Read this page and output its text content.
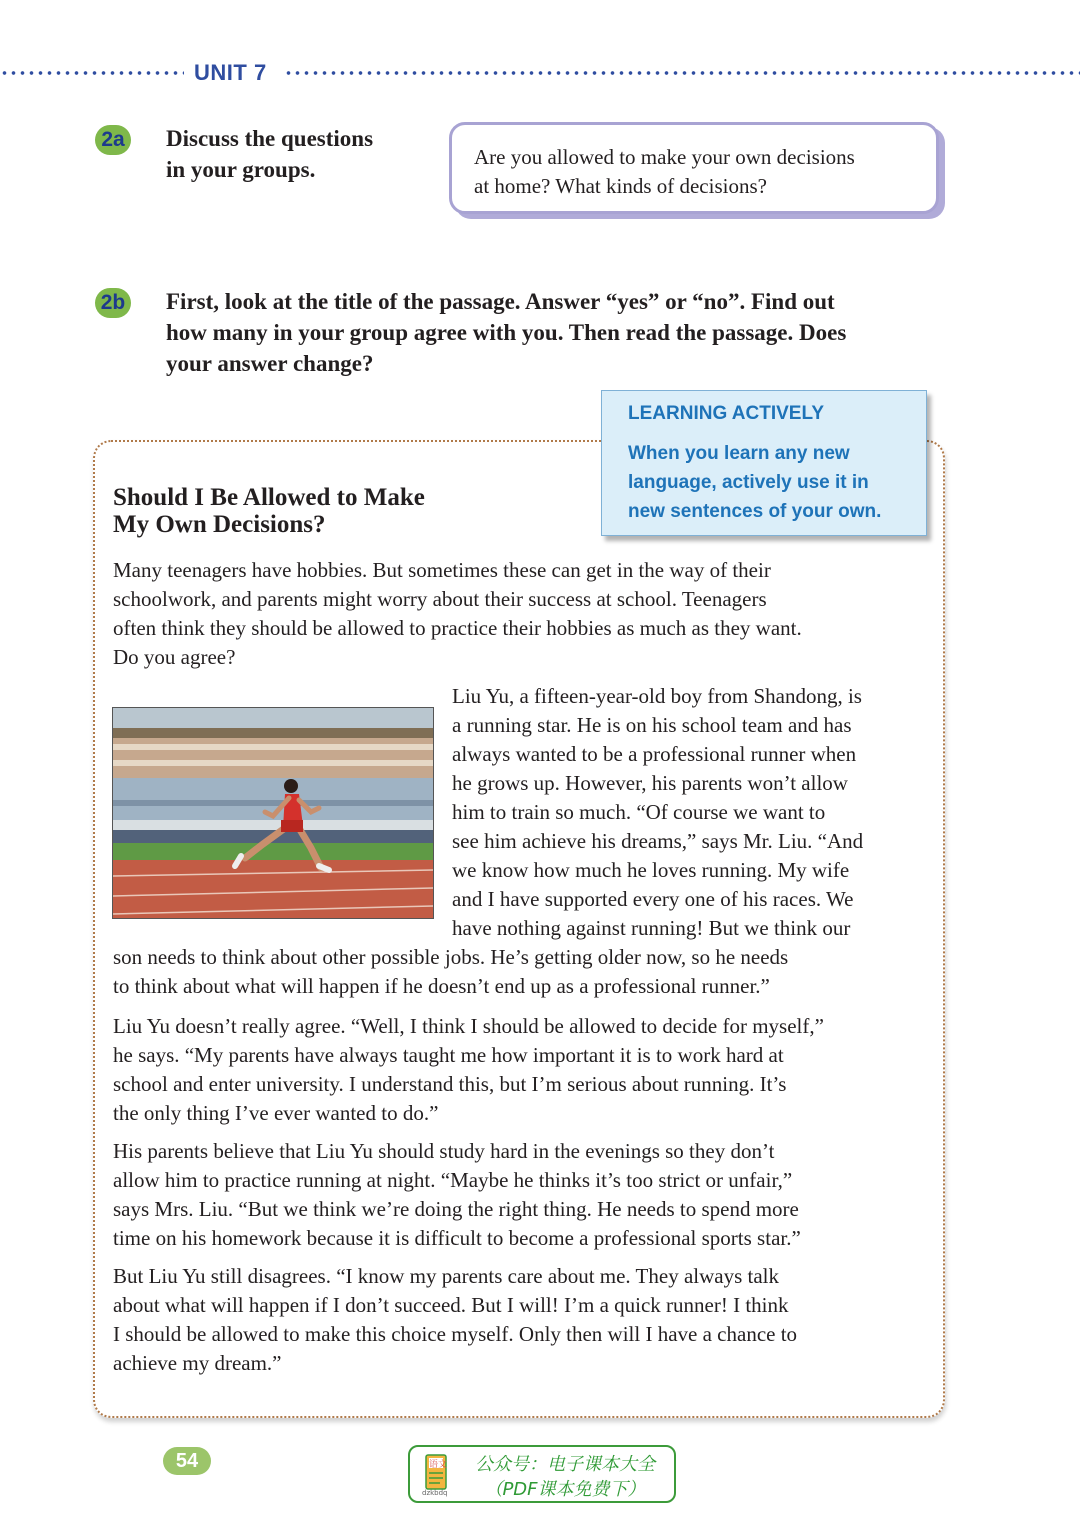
UNIT 7
2a Discuss the questions
in your groups.	Are you allowed to make your own decisions
at home? What kinds of decisions?
2b First, look at the title of the passage. Answer “yes” or “no”. Find out
how many in your group agree with you. Then read the passage. Does
your answer change?
LEARNING ACTIVELY
When you learn any new
language, actively use it in
new sentences of your own.
Should I Be Allowed to Make
My Own Decisions?
Many teenagers have hobbies. But sometimes these can get in the way of their
schoolwork, and parents might worry about their success at school. Teenagers
often think they should be allowed to practice their hobbies as much as they want.
Do you agree?
Liu Yu, a fifteen-year-old boy from Shandong, is
a running star. He is on his school team and has
always wanted to be a professional runner when
he grows up. However, his parents won’t allow
him to train so much. “Of course we want to
see him achieve his dreams,” says Mr. Liu. “And
we know how much he loves running. My wife
and I have supported every one of his races. We
have nothing against running! But we think our
son needs to think about other possible jobs. He’s getting older now, so he needs
to think about what will happen if he doesn’t end up as a professional runner.”
Liu Yu doesn’t really agree. “Well, I think I should be allowed to decide for myself,”
he says. “My parents have always taught me how important it is to work hard at
school and enter university. I understand this, but I’m serious about running. It’s
the only thing I’ve ever wanted to do.”
His parents believe that Liu Yu should study hard in the evenings so they don’t
allow him to practice running at night. “Maybe he thinks it’s too strict or unfair,”
says Mrs. Liu. “But we think we’re doing the right thing. He needs to spend more
time on his homework because it is difficult to become a professional sports star.”
But Liu Yu still disagrees. “I know my parents care about me. They always talk
about what will happen if I don’t succeed. But I will! I’m a quick runner! I think
I should be allowed to make this choice myself. Only then will I have a chance to
achieve my dream.”
54	语文
dzkbdq
公众号：电子课本大全
（PDF课本免费下）
